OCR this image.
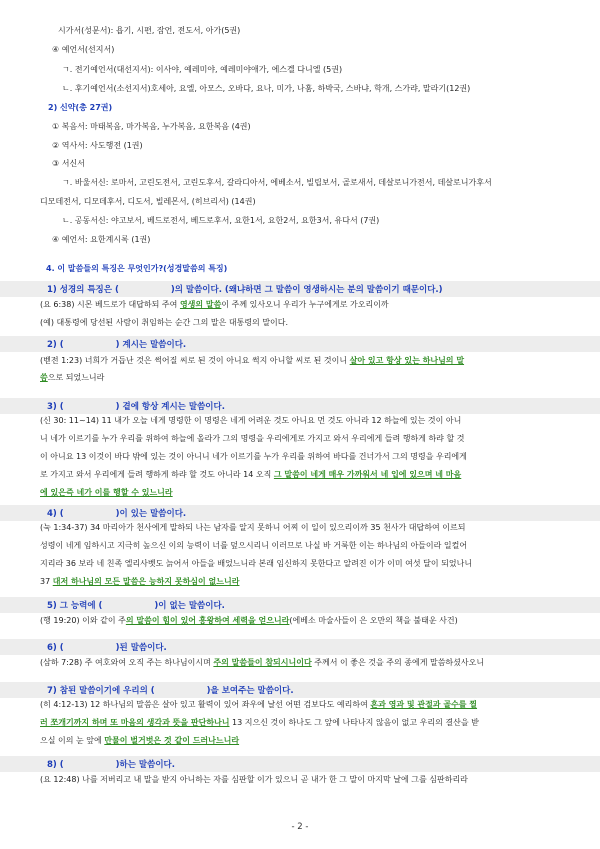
시가서(성문서): 욥기, 시편, 잠언, 전도서, 아가(5권)
④ 예언서(선지서)
ㄱ. 전기예언서(대선지서): 이사야, 예레미야, 예레미야애가, 에스겔 다니엘 (5권)
ㄴ. 후기예언서(소선지서)호세아, 요엘, 아모스, 오바다, 요나, 미가, 나훔, 하박국, 스바냐, 학개, 스가랴, 말라기(12권)
2) 신약(총 27권)
① 복음서: 마태복음, 마가복음, 누가복음, 요한복음 (4권)
② 역사서: 사도행전 (1권)
③ 서신서
ㄱ. 바울서신: 로마서, 고린도전서, 고린도후서, 갈라디아서, 에베소서, 빌립보서, 골로새서, 데살로니가전서, 데살로니가후서
디모데전서, 디모데후서, 디도서, 빌레몬서, (히브리서) (14권)
ㄴ. 공동서신: 야고보서, 베드로전서, 베드로후서, 요한1서, 요한2서, 요한3서, 유다서 (7권)
④ 예언서: 요한계시록 (1권)
4. 이 말씀들의 특징은 무엇인가?(성경말씀의 특징)
1) 성경의 특징은 (	)의 말씀이다. (왜냐하면 그 말씀이 영생하시는 분의 말씀이기 때문이다.)
(요 6:38) 시몬 베드로가 대답하되 주여 영생의 말씀이 주께 있사오니 우리가 누구에게로 가오리이까
(예) 대통령에 당선된 사람이 취임하는 순간 그의 말은 대통령의 말이다.
2) (	) 계시는 말씀이다.
(벧전 1:23) 너희가 거듭난 것은 썩어질 씨로 된 것이 아니요 썩지 아니할 씨로 된 것이니 살아 있고 항상 있는 하나님의 말
씀으로 되었느니라
3) (	) 곁에 항상 계시는 말씀이다.
(신 30: 11~14) 11 내가 오늘 네게 명령한 이 명령은 네게 어려운 것도 아니요 먼 것도 아니라 12 하늘에 있는 것이 아니
니 네가 이르기를 누가 우리를 위하여 하늘에 올라가 그의 명령을 우리에게로 가지고 와서 우리에게 들려 행하게 하랴 할 것
이 아니요 13 이것이 바다 밖에 있는 것이 아니니 네가 이르기를 누가 우리를 위하여 바다를 건너가서 그의 명령을 우리에게
로 가지고 와서 우리에게 들려 행하게 하랴 할 것도 아니라 14 오직 그 말씀이 네게 매우 가까워서 네 입에 있으며 네 마음
에 있은즉 네가 이를 행할 수 있느니라
4) (	)이 있는 말씀이다.
(눅 1:34-37) 34 마리아가 천사에게 말하되 나는 남자를 알지 못하니 어찌 이 일이 있으리이까 35 천사가 대답하여 이르되
성령이 네게 임하시고 지극히 높으신 이의 능력이 너를 덮으시리니 이러므로 나실 바 거룩한 이는 하나님의 아들이라 일컬어
지리라 36 보라 네 친족 엘리사벳도 늙어서 아들을 배었느니라 본래 임신하지 못한다고 알려진 이가 이미 여섯 달이 되었나니
37 대저 하나님의 모든 말씀은 능하지 못하심이 없느니라
5) 그 능력에 (	)이 없는 말씀이다.
(행 19:20) 이와 같이 주의 말씀이 힘이 있어 흥왕하여 세력을 얻으니라(에베소 마술사들이 은 오만의 책을 불태운 사건)
6) (	)된 말씀이다.
(삼하 7:28) 주 여호와여 오직 주는 하나님이시며 주의 말씀들이 참되시니이다 주께서 이 좋은 것을 주의 종에게 말씀하셨사오니
7) 참된 말씀이기에 우리의 (	)을 보여주는 말씀이다.
(히 4:12-13) 12 하나님의 말씀은 살아 있고 활력이 있어 좌우에 날선 어떤 검보다도 예리하여 혼과 영과 및 관절과 골수를 찔
러 쪼개기까지 하며 또 마음의 생각과 뜻을 판단하나니 13 지으신 것이 하나도 그 앞에 나타나지 않음이 없고 우리의 결산을 받
으실 이의 눈 앞에 만물이 벌거벗은 것 같이 드러나느니라
8) (	)하는 말씀이다.
(요 12:48) 나를 저버리고 내 말을 받지 아니하는 자를 심판할 이가 있으니 곧 내가 한 그 말이 마지막 날에 그를 심판하리라
- 2 -
